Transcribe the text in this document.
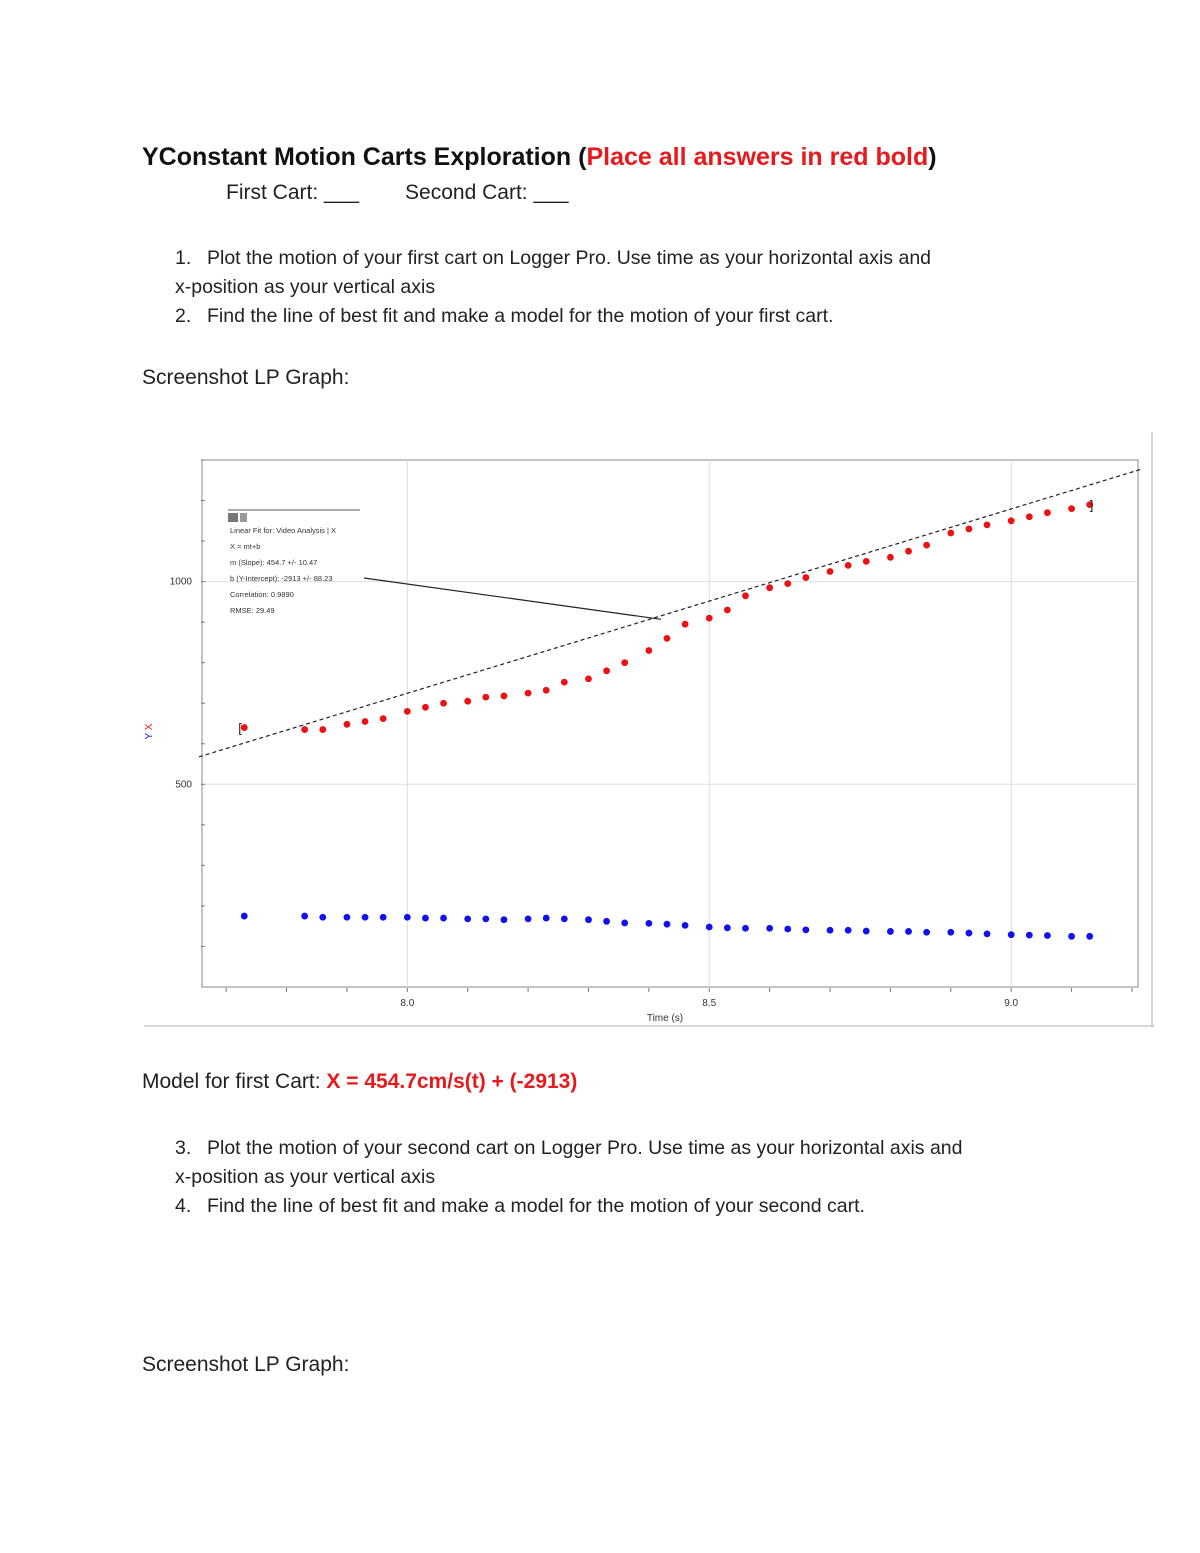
YConstant Motion Carts Exploration (Place all answers in red bold)
First Cart: ___ Second Cart: ___
1. Plot the motion of your first cart on Logger Pro. Use time as your horizontal axis and
x-position as your vertical axis
2. Find the line of best fit and make a model for the motion of your first cart.
Screenshot LP Graph:
8.0	8.5	9.0
500
1000
Time (s)
Y X
Linear Fit for: Video Analysis | X
X = mt+b
m (Slope): 454.7 +/- 10.47
b (Y-Intercept): -2913 +/- 88.23
Correlation: 0.9890
RMSE: 29.49
[
]
Model for first Cart: X = 454.7cm/s(t) + (-2913)
3. Plot the motion of your second cart on Logger Pro. Use time as your horizontal axis and
x-position as your vertical axis
4. Find the line of best fit and make a model for the motion of your second cart.
Screenshot LP Graph:
